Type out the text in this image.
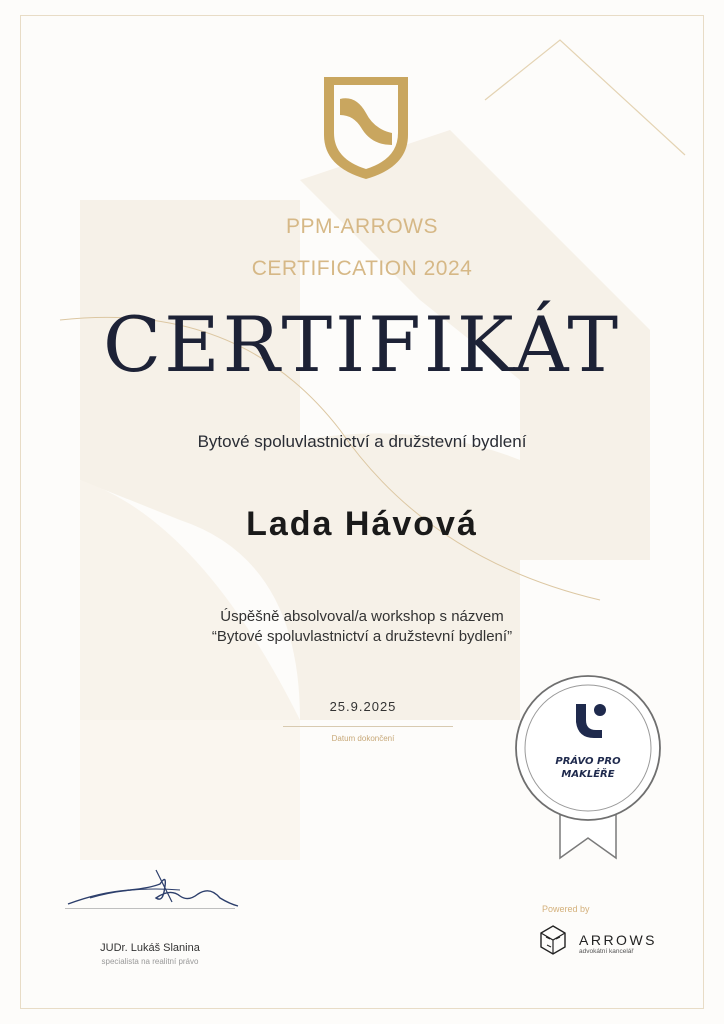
PPM-ARROWS
CERTIFICATION 2024
CERTIFIKÁT
Bytové spoluvlastnictví a družstevní bydlení
Lada Hávová
Úspěšně absolvoval/a workshop s názvem
“Bytové spoluvlastnictví a družstevní bydlení”
25.9.2025
Datum dokončení
PRÁVO PRO
MAKLÉŘE
JUDr. Lukáš Slanina
specialista na realitní právo
Powered by
ARROWS
advokátní kancelář
